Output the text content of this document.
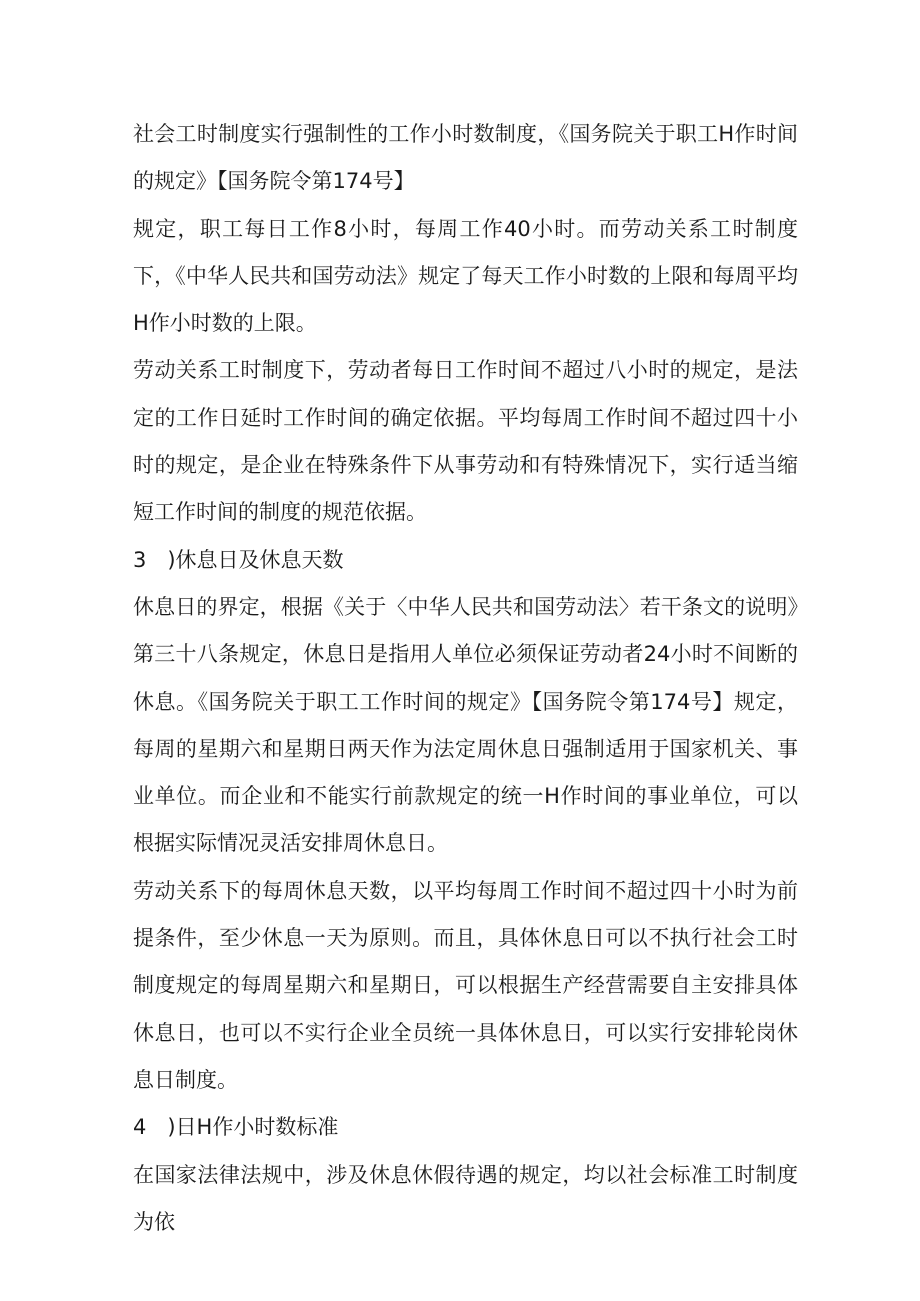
社会工时制度实行强制性的工作小时数制度，《国务院关于职工H作时间的规定》【国务院令第174号】

规定，职工每日工作8小时，每周工作40小时。而劳动关系工时制度下，《中华人民共和国劳动法》规定了每天工作小时数的上限和每周平均H作小时数的上限。

劳动关系工时制度下，劳动者每日工作时间不超过八小时的规定，是法定的工作日延时工作时间的确定依据。平均每周工作时间不超过四十小时的规定，是企业在特殊条件下从事劳动和有特殊情况下，实行适当缩短工作时间的制度的规范依据。

3　)休息日及休息天数

休息日的界定，根据《关于〈中华人民共和国劳动法〉若干条文的说明》第三十八条规定，休息日是指用人单位必须保证劳动者24小时不间断的休息。《国务院关于职工工作时间的规定》【国务院令第174号】规定，每周的星期六和星期日两天作为法定周休息日强制适用于国家机关、事业单位。而企业和不能实行前款规定的统一H作时间的事业单位，可以根据实际情况灵活安排周休息日。

劳动关系下的每周休息天数，以平均每周工作时间不超过四十小时为前提条件，至少休息一天为原则。而且，具体休息日可以不执行社会工时制度规定的每周星期六和星期日，可以根据生产经营需要自主安排具体休息日，也可以不实行企业全员统一具体休息日，可以实行安排轮岗休息日制度。

4　)日H作小时数标准

在国家法律法规中，涉及休息休假待遇的规定，均以社会标准工时制度为依
